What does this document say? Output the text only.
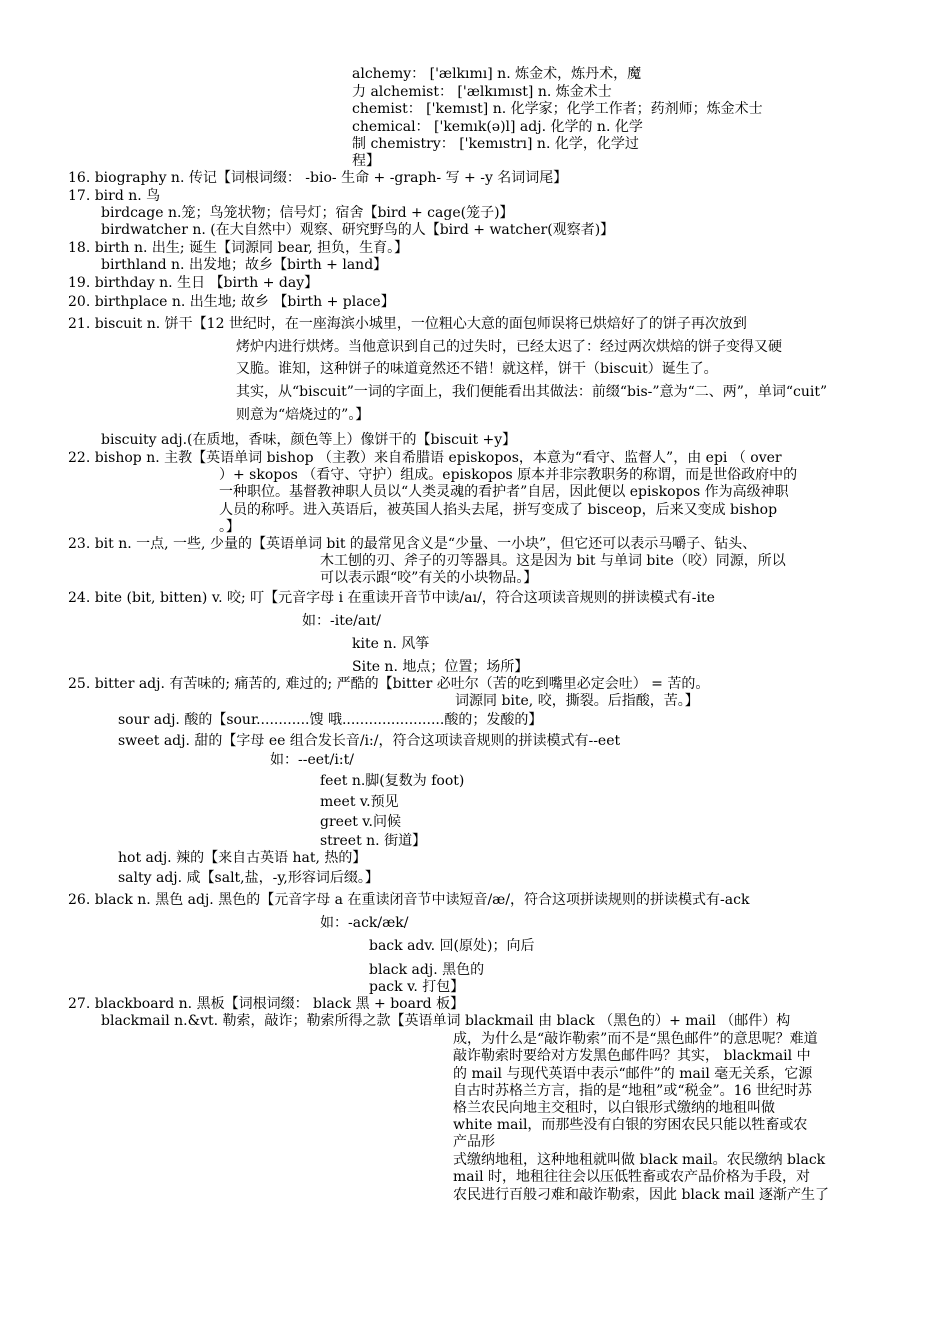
alchemy： ['ælkımı] n. 炼金术，炼丹术，魔
力 alchemist： ['ælkımıst] n. 炼金术士
chemist： ['kemıst] n. 化学家；化学工作者；药剂师；炼金术士
chemical： ['kemık(ə)l] adj. 化学的 n. 化学
制 chemistry： ['kemıstrı] n. 化学，化学过
程】
16. biography n. 传记【词根词缀： -bio- 生命 + -graph- 写 + -y 名词词尾】
17. bird n. 鸟
birdcage n.笼；鸟笼状物；信号灯；宿舍【bird + cage(笼子)】
birdwatcher n. (在大自然中）观察、研究野鸟的人【bird + watcher(观察者)】
18. birth n. 出生; 诞生【词源同 bear, 担负，生育。】
birthland n. 出发地；故乡【birth + land】
19. birthday n. 生日 【birth + day】
20. birthplace n. 出生地; 故乡 【birth + place】
21. biscuit n. 饼干【12 世纪时，在一座海滨小城里，一位粗心大意的面包师误将已烘焙好了的饼子再次放到
烤炉内进行烘烤。当他意识到自己的过失时，已经太迟了：经过两次烘焙的饼子变得又硬
又脆。谁知，这种饼子的味道竟然还不错！就这样，饼干（biscuit）诞生了。
其实，从“biscuit”一词的字面上，我们便能看出其做法：前缀“bis-”意为“二、两”，单词“cuit”
则意为“焙烧过的”。】
biscuity adj.(在质地，香味，颜色等上）像饼干的【biscuit +y】
22. bishop n. 主教【英语单词 bishop （主教）来自希腊语 episkopos，本意为“看守、监督人”，由 epi （ over
）+ skopos （看守、守护）组成。episkopos 原本并非宗教职务的称谓，而是世俗政府中的
一种职位。基督教神职人员以“人类灵魂的看护者”自居，因此便以 episkopos 作为高级神职
人员的称呼。进入英语后，被英国人掐头去尾，拼写变成了 bisceop，后来又变成 bishop
。】
23. bit n. 一点, 一些, 少量的【英语单词 bit 的最常见含义是“少量、一小块”，但它还可以表示马嚼子、钻头、
木工刨的刃、斧子的刃等器具。这是因为 bit 与单词 bite（咬）同源，所以
可以表示跟“咬”有关的小块物品。】
24. bite (bit, bitten) v. 咬; 叮【元音字母 i 在重读开音节中读/aı/，符合这项读音规则的拼读模式有-ite
如：-ite/aıt/
kite n. 风筝
Site n. 地点；位置；场所】
25. bitter adj. 有苦味的; 痛苦的, 难过的; 严酷的【bitter 必吐尔（苦的吃到嘴里必定会吐） = 苦的。
词源同 bite, 咬，撕裂。后指酸，苦。】
sour adj. 酸的【sour............馊 哦.......................酸的；发酸的】
sweet adj. 甜的【字母 ee 组合发长音/i:/，符合这项读音规则的拼读模式有--eet
如：--eet/i:t/
feet n.脚(复数为 foot)
meet v.预见
greet v.问候
street n. 街道】
hot adj. 辣的【来自古英语 hat, 热的】
salty adj. 咸【salt,盐，-y,形容词后缀。】
26. black n. 黑色 adj. 黑色的【元音字母 a 在重读闭音节中读短音/æ/，符合这项拼读规则的拼读模式有-ack
如：-ack/æk/
back adv. 回(原处)；向后
black adj. 黑色的
pack v. 打包】
27. blackboard n. 黑板【词根词缀： black 黑 + board 板】
blackmail n.&vt. 勒索，敲诈；勒索所得之款【英语单词 blackmail 由 black （黑色的）+ mail （邮件）构
成，为什么是“敲诈勒索”而不是“黑色邮件”的意思呢？难道
敲诈勒索时要给对方发黑色邮件吗？其实， blackmail 中
的 mail 与现代英语中表示“邮件”的 mail 毫无关系，它源
自古时苏格兰方言，指的是“地租”或“税金”。16 世纪时苏
格兰农民向地主交租时，以白银形式缴纳的地租叫做
white mail，而那些没有白银的穷困农民只能以牲畜或农
产品形
式缴纳地租，这种地租就叫做 black mail。农民缴纳 black
mail 时，地租往往会以压低牲畜或农产品价格为手段，对
农民进行百般刁难和敲诈勒索，因此 black mail 逐渐产生了
